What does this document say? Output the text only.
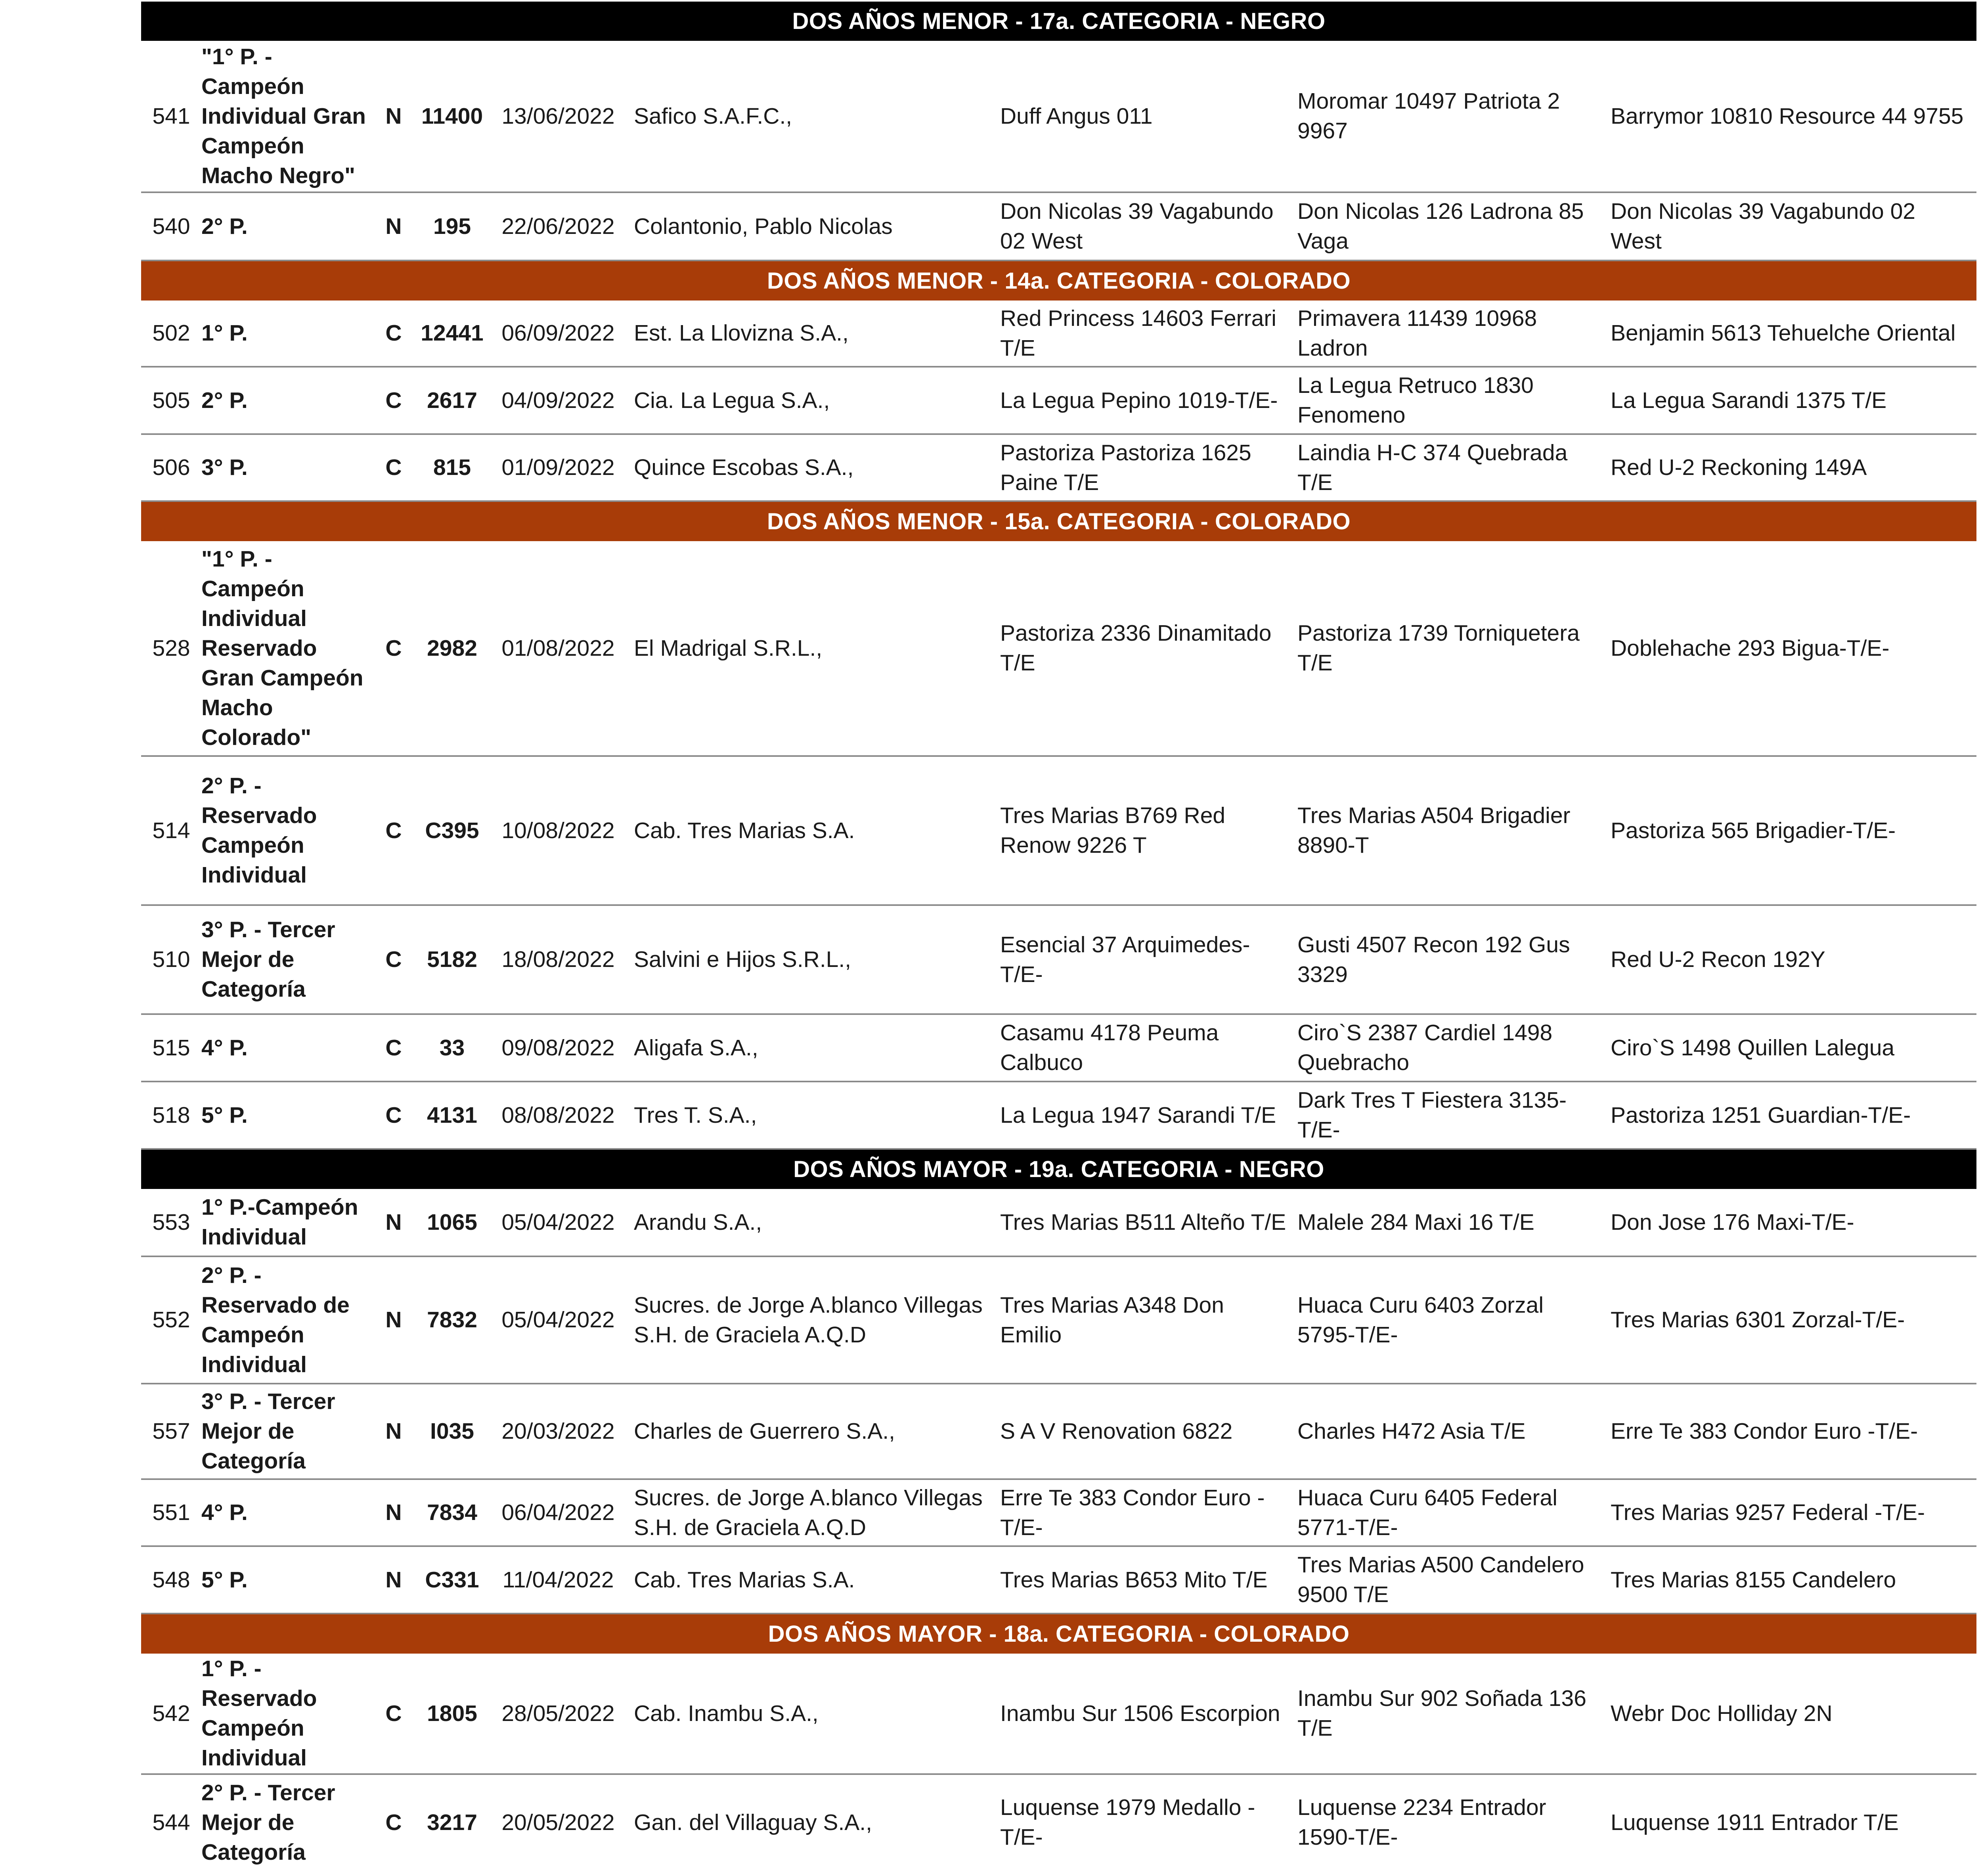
DOS AÑOS MENOR - 17a. CATEGORIA - NEGRO								
541	"1° P. - Campeón Individual Gran Campeón Macho Negro"	N	11400	13/06/2022	Safico S.A.F.C.,	Duff Angus 011	Moromar 10497 Patriota 2 9967	Barrymor 10810 Resource 44 9755
540	2° P.	N	195	22/06/2022	Colantonio, Pablo Nicolas	Don Nicolas 39 Vagabundo 02 West	Don Nicolas 126 Ladrona 85 Vaga	Don Nicolas 39 Vagabundo 02 West
DOS AÑOS MENOR - 14a. CATEGORIA - COLORADO								
502	1° P.	C	12441	06/09/2022	Est. La Llovizna S.A.,	Red Princess 14603 Ferrari T/E	Primavera 11439 10968 Ladron	Benjamin 5613 Tehuelche Oriental
505	2° P.	C	2617	04/09/2022	Cia. La Legua S.A.,	La Legua Pepino 1019-T/E-	La Legua Retruco 1830 Fenomeno	La Legua Sarandi 1375 T/E
506	3° P.	C	815	01/09/2022	Quince Escobas S.A.,	Pastoriza Pastoriza 1625 Paine T/E	Laindia H-C 374 Quebrada T/E	Red U-2 Reckoning 149A
DOS AÑOS MENOR - 15a. CATEGORIA - COLORADO								
528	"1° P. - Campeón Individual Reservado Gran Campeón Macho Colorado"	C	2982	01/08/2022	El Madrigal S.R.L.,	Pastoriza 2336 Dinamitado T/E	Pastoriza 1739 Torniquetera T/E	Doblehache 293 Bigua-T/E-
514	2° P. - Reservado Campeón Individual	C	C395	10/08/2022	Cab. Tres Marias S.A.	Tres Marias B769 Red Renow 9226 T	Tres Marias A504 Brigadier 8890-T	Pastoriza 565 Brigadier-T/E-
510	3° P. - Tercer Mejor de Categoría	C	5182	18/08/2022	Salvini e Hijos S.R.L.,	Esencial 37 Arquimedes-T/E-	Gusti 4507 Recon 192 Gus 3329	Red U-2 Recon 192Y
515	4° P.	C	33	09/08/2022	Aligafa S.A.,	Casamu 4178 Peuma Calbuco	Ciro`S 2387 Cardiel 1498 Quebracho	Ciro`S 1498 Quillen Lalegua
518	5° P.	C	4131	08/08/2022	Tres T. S.A.,	La Legua 1947 Sarandi T/E	Dark Tres T Fiestera 3135-T/E-	Pastoriza 1251 Guardian-T/E-
DOS AÑOS MAYOR - 19a. CATEGORIA - NEGRO								
553	1° P.-Campeón Individual	N	1065	05/04/2022	Arandu S.A.,	Tres Marias B511 Alteño T/E	Malele 284 Maxi 16 T/E	Don Jose 176 Maxi-T/E-
552	2° P. - Reservado de Campeón Individual	N	7832	05/04/2022	Sucres. de Jorge A.blanco Villegas S.H. de Graciela A.Q.D	Tres Marias A348 Don Emilio	Huaca Curu 6403 Zorzal 5795-T/E-	Tres Marias 6301 Zorzal-T/E-
557	3° P. - Tercer Mejor de Categoría	N	I035	20/03/2022	Charles de Guerrero S.A.,	S A V Renovation 6822	Charles H472 Asia T/E	Erre Te 383 Condor Euro -T/E-
551	4° P.	N	7834	06/04/2022	Sucres. de Jorge A.blanco Villegas S.H. de Graciela A.Q.D	Erre Te 383 Condor Euro -T/E-	Huaca Curu 6405 Federal 5771-T/E-	Tres Marias 9257 Federal -T/E-
548	5° P.	N	C331	11/04/2022	Cab. Tres Marias S.A.	Tres Marias B653 Mito T/E	Tres Marias A500 Candelero 9500 T/E	Tres Marias 8155 Candelero
DOS AÑOS MAYOR - 18a. CATEGORIA - COLORADO								
542	1° P. - Reservado Campeón Individual	C	1805	28/05/2022	Cab. Inambu S.A.,	Inambu Sur 1506 Escorpion	Inambu Sur 902 Soñada 136 T/E	Webr Doc Holliday 2N
544	2° P. - Tercer Mejor de Categoría	C	3217	20/05/2022	Gan. del Villaguay S.A.,	Luquense 1979 Medallo -T/E-	Luquense 2234 Entrador 1590-T/E-	Luquense 1911 Entrador T/E
